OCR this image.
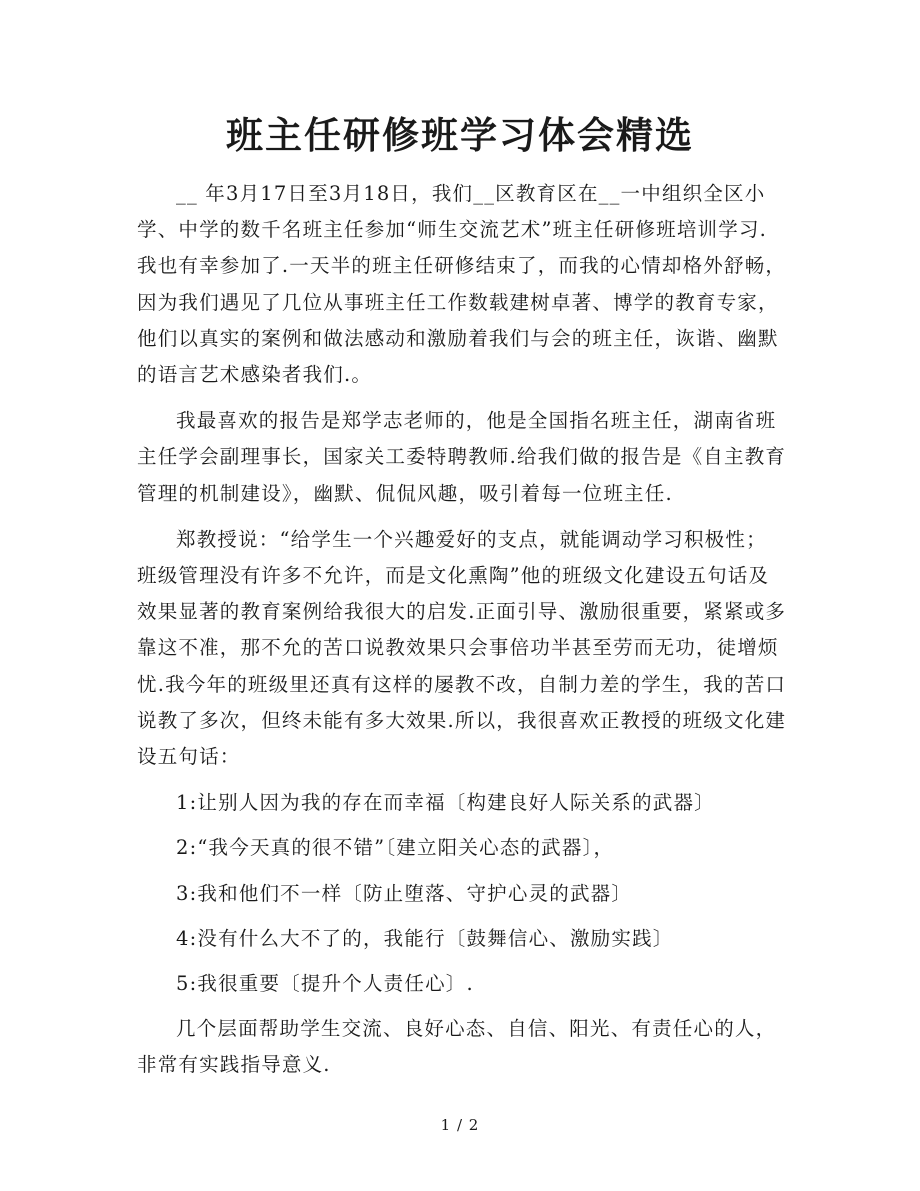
班主任研修班学习体会精选

__ 年3月17日至3月18日，我们__区教育区在__一中组织全区小学、中学的数千名班主任参加“师生交流艺术”班主任研修班培训学习.我也有幸参加了.一天半的班主任研修结束了，而我的心情却格外舒畅，因为我们遇见了几位从事班主任工作数载建树卓著、博学的教育专家，他们以真实的案例和做法感动和激励着我们与会的班主任，诙谐、幽默的语言艺术感染者我们.。

我最喜欢的报告是郑学志老师的，他是全国指名班主任，湖南省班主任学会副理事长，国家关工委特聘教师.给我们做的报告是《自主教育管理的机制建设》，幽默、侃侃风趣，吸引着每一位班主任.

郑教授说：“给学生一个兴趣爱好的支点，就能调动学习积极性；班级管理没有许多不允许，而是文化熏陶”他的班级文化建设五句话及效果显著的教育案例给我很大的启发.正面引导、激励很重要，紧紧或多靠这不准，那不允的苦口说教效果只会事倍功半甚至劳而无功，徒增烦忧.我今年的班级里还真有这样的屡教不改，自制力差的学生，我的苦口说教了多次，但终未能有多大效果.所以，我很喜欢正教授的班级文化建设五句话：

1:让别人因为我的存在而幸福〔构建良好人际关系的武器〕

2:“我今天真的很不错”〔建立阳关心态的武器〕，

3:我和他们不一样〔防止堕落、守护心灵的武器〕

4:没有什么大不了的，我能行〔鼓舞信心、激励实践〕

5:我很重要〔提升个人责任心〕.

几个层面帮助学生交流、良好心态、自信、阳光、有责任心的人，非常有实践指导意义.

1 / 2
